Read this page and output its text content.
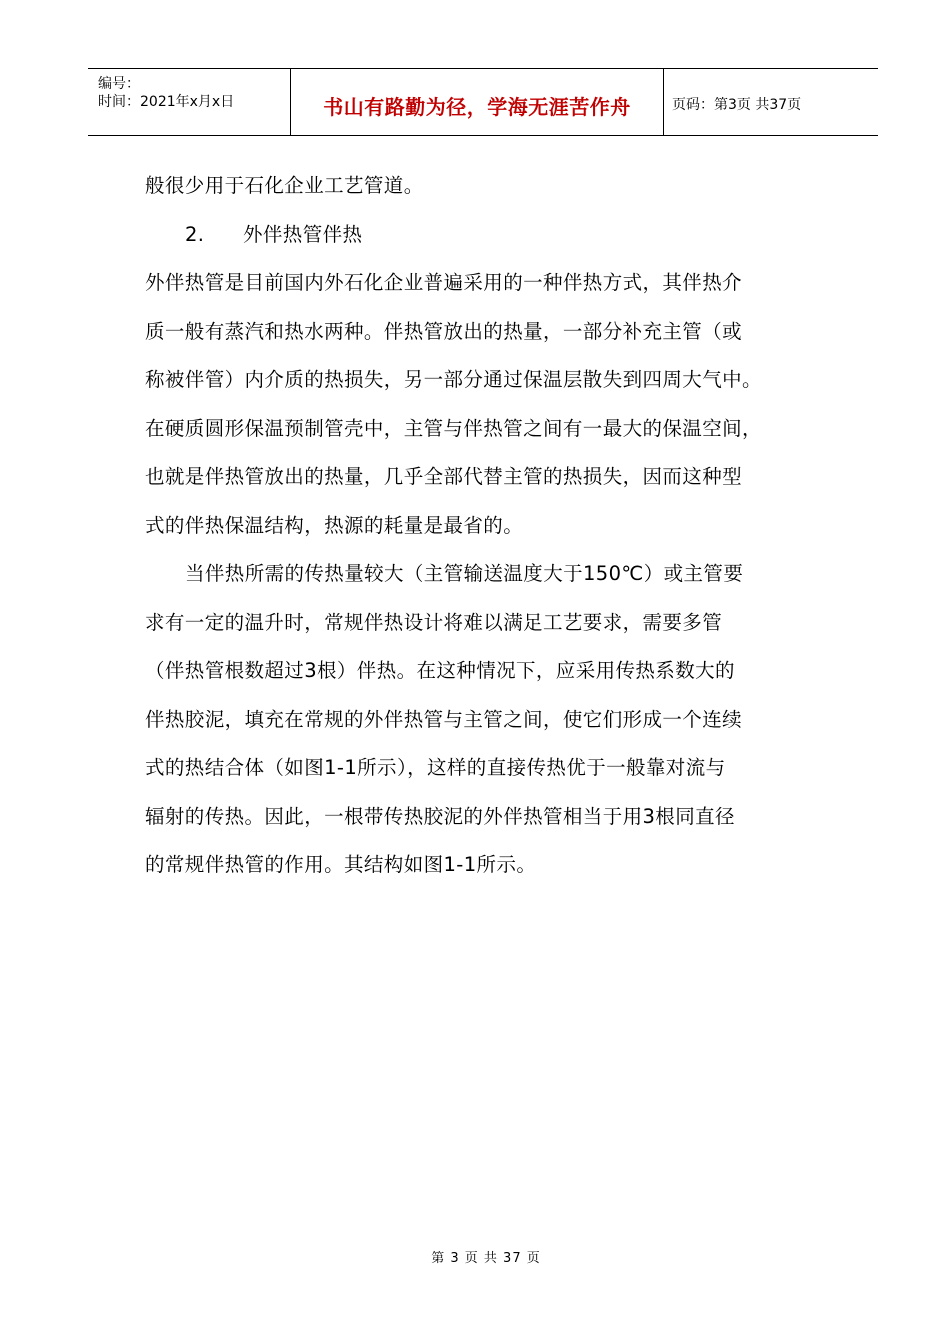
编号：
时间：2021年x月x日	书山有路勤为径，学海无涯苦作舟	页码：第3页 共37页

般很少用于石化企业工艺管道。

2. 外伴热管伴热

外伴热管是目前国内外石化企业普遍采用的一种伴热方式，其伴热介

质一般有蒸汽和热水两种。伴热管放出的热量，一部分补充主管（或

称被伴管）内介质的热损失，另一部分通过保温层散失到四周大气中。

在硬质圆形保温预制管壳中，主管与伴热管之间有一最大的保温空间，

也就是伴热管放出的热量，几乎全部代替主管的热损失，因而这种型

式的伴热保温结构，热源的耗量是最省的。

当伴热所需的传热量较大（主管输送温度大于150℃）或主管要

求有一定的温升时，常规伴热设计将难以满足工艺要求，需要多管

（伴热管根数超过3根）伴热。在这种情况下，应采用传热系数大的

伴热胶泥，填充在常规的外伴热管与主管之间，使它们形成一个连续

式的热结合体（如图1-1所示），这样的直接传热优于一般靠对流与

辐射的传热。因此，一根带传热胶泥的外伴热管相当于用3根同直径

的常规伴热管的作用。其结构如图1-1所示。

第 3 页 共 37 页
